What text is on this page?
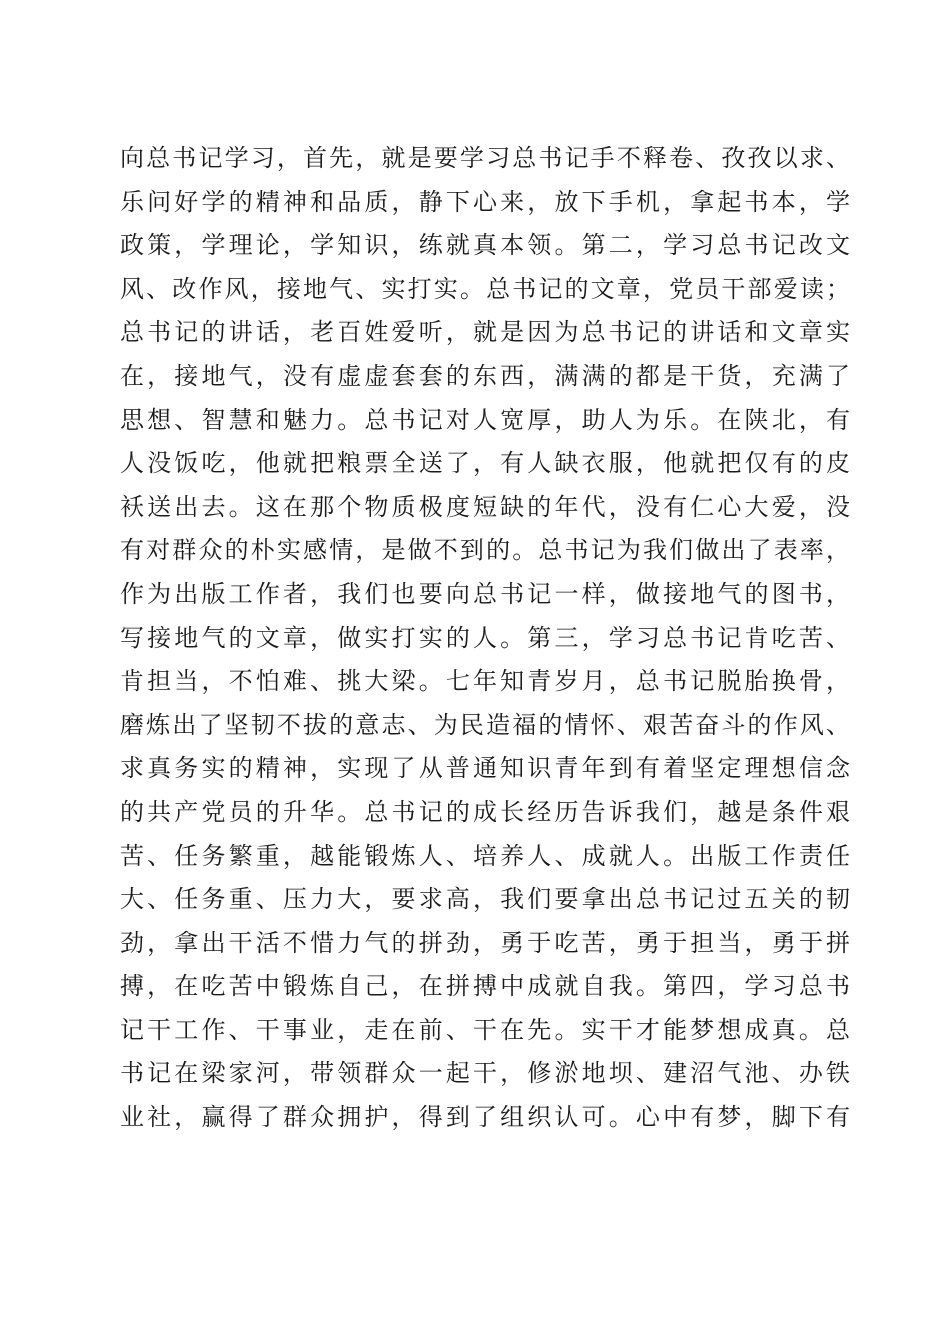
向总书记学习，首先，就是要学习总书记手不释卷、孜孜以求、
乐问好学的精神和品质，静下心来，放下手机，拿起书本，学
政策，学理论，学知识，练就真本领。第二，学习总书记改文
风、改作风，接地气、实打实。总书记的文章，党员干部爱读；
总书记的讲话，老百姓爱听，就是因为总书记的讲话和文章实
在，接地气，没有虚虚套套的东西，满满的都是干货，充满了
思想、智慧和魅力。总书记对人宽厚，助人为乐。在陕北，有
人没饭吃，他就把粮票全送了，有人缺衣服，他就把仅有的皮
袄送出去。这在那个物质极度短缺的年代，没有仁心大爱，没
有对群众的朴实感情，是做不到的。总书记为我们做出了表率，
作为出版工作者，我们也要向总书记一样，做接地气的图书，
写接地气的文章，做实打实的人。第三，学习总书记肯吃苦、
肯担当，不怕难、挑大梁。七年知青岁月，总书记脱胎换骨，
磨炼出了坚韧不拔的意志、为民造福的情怀、艰苦奋斗的作风、
求真务实的精神，实现了从普通知识青年到有着坚定理想信念
的共产党员的升华。总书记的成长经历告诉我们，越是条件艰
苦、任务繁重，越能锻炼人、培养人、成就人。出版工作责任
大、任务重、压力大，要求高，我们要拿出总书记过五关的韧
劲，拿出干活不惜力气的拼劲，勇于吃苦，勇于担当，勇于拼
搏，在吃苦中锻炼自己，在拼搏中成就自我。第四，学习总书
记干工作、干事业，走在前、干在先。实干才能梦想成真。总
书记在梁家河，带领群众一起干，修淤地坝、建沼气池、办铁
业社，赢得了群众拥护，得到了组织认可。心中有梦，脚下有
